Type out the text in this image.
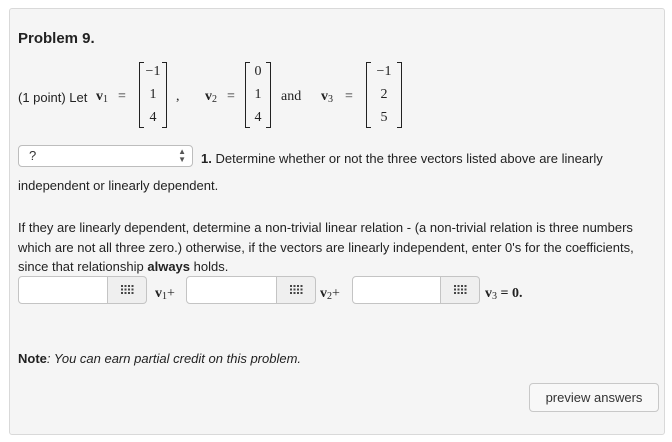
Problem 9.
(1 point) Let $v_1$ =
−1
1
4
, $v_2$ =
0
1
4
and $v_3$ =
−1
2
5
?	▲
▼ 1. Determine whether or not the three vectors listed above are linearly
independent or linearly dependent.
If they are linearly dependent, determine a non-trivial linear relation - (a non-trivial relation is three numbers which are not all three zero.) otherwise, if the vectors are linearly independent, enter 0's for the coefficients, since that relationship always holds.
$v_1+$	$v_2+$	$v_3 = 0$.
Note: You can earn partial credit on this problem.
preview answers
